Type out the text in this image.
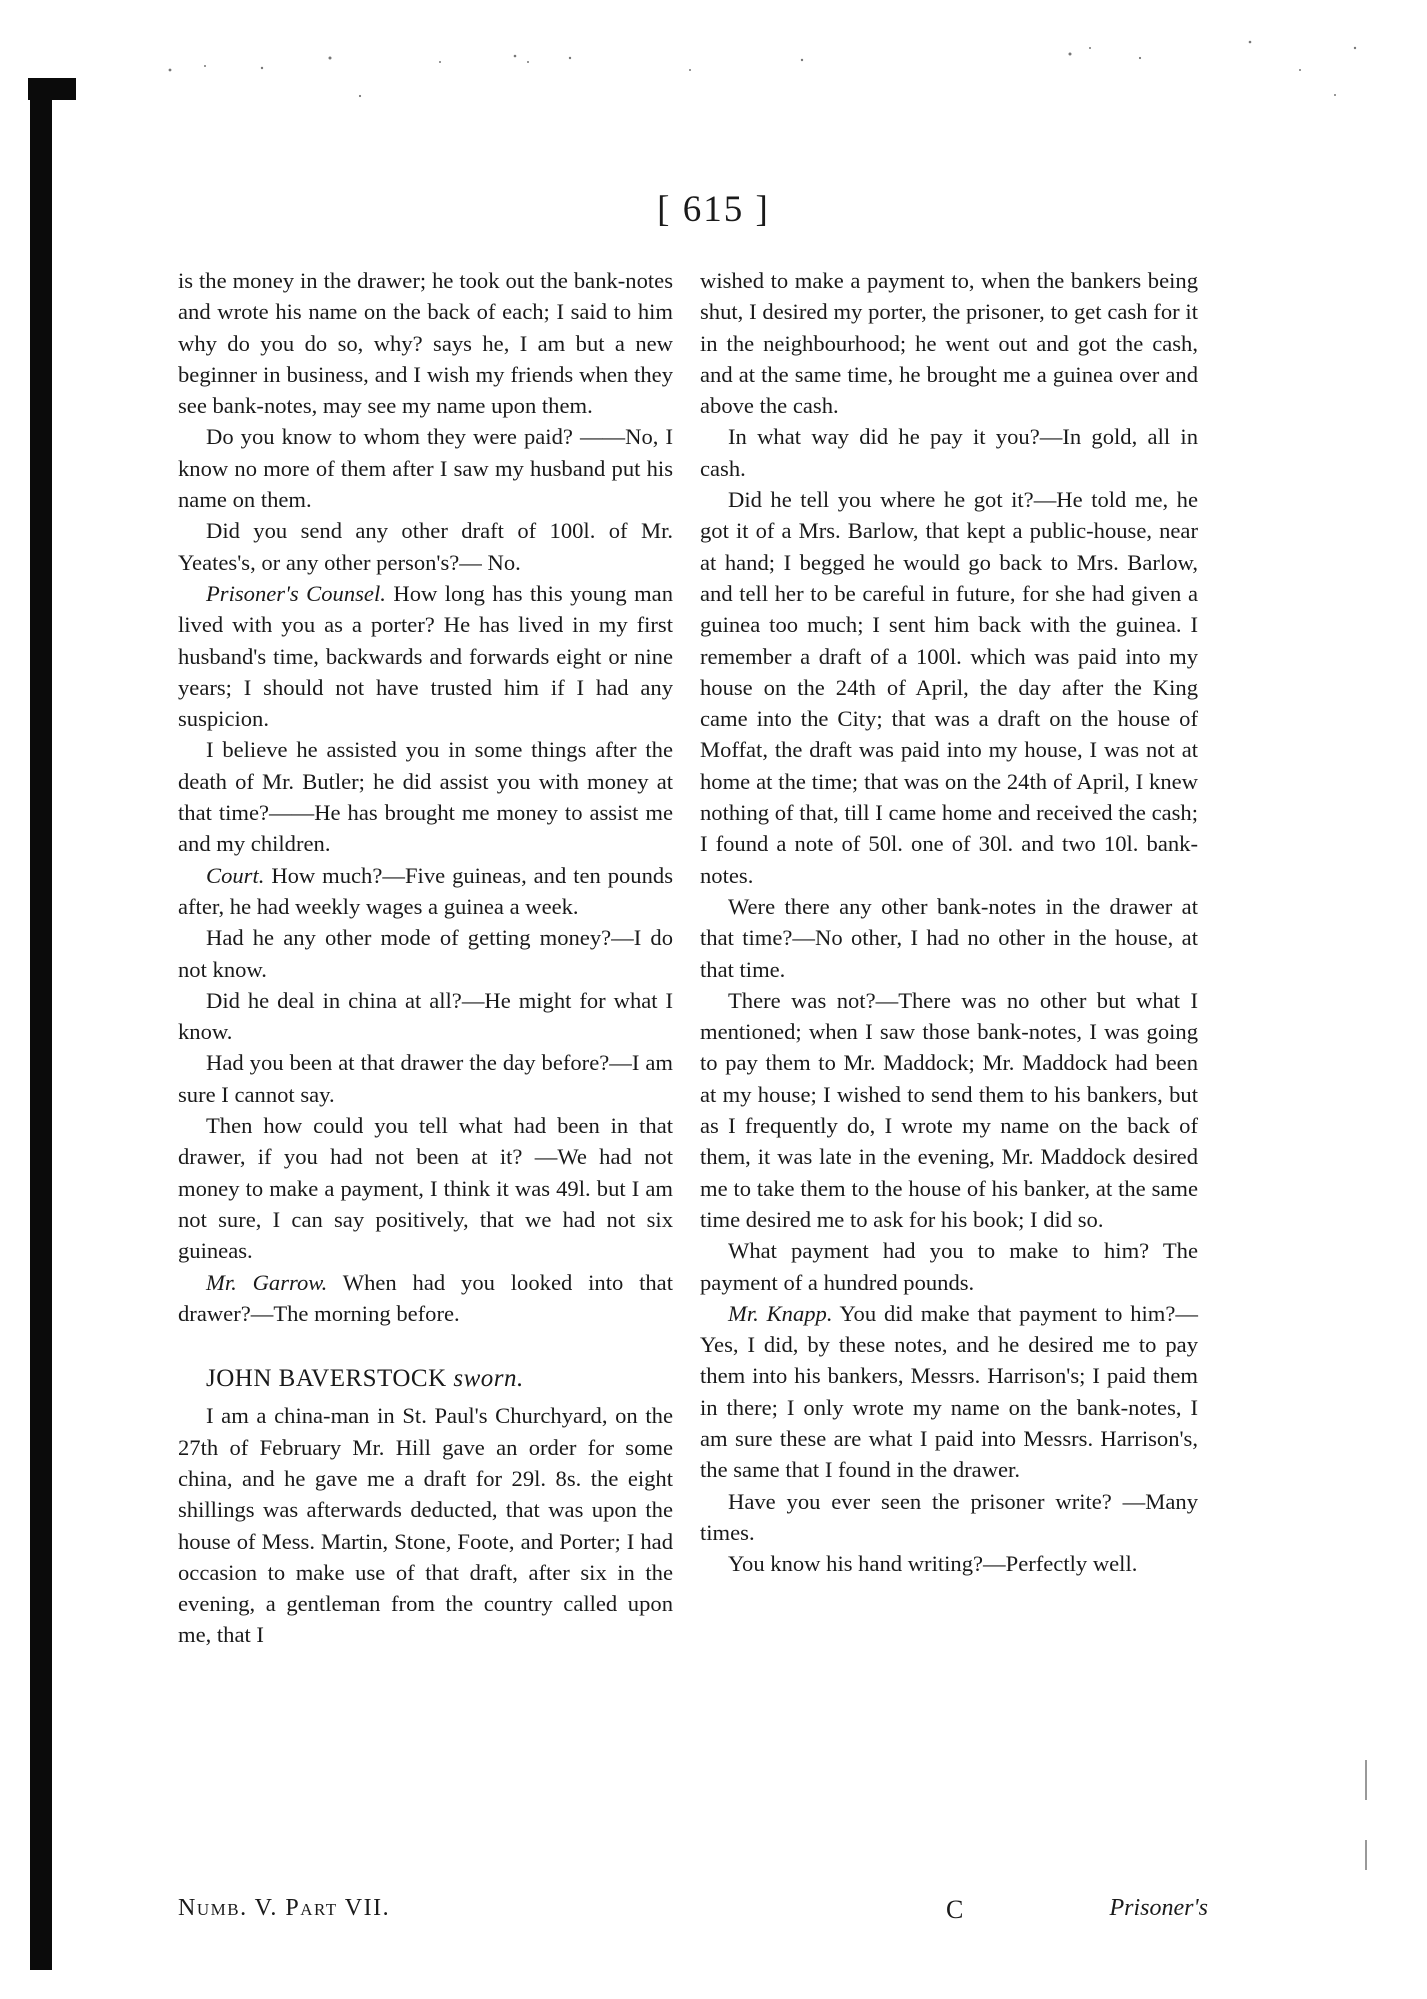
[ 615 ]

is the money in the drawer; he took out the bank-notes and wrote his name on the back of each; I said to him why do you do so, why? says he, I am but a new beginner in business, and I wish my friends when they see bank-notes, may see my name upon them.

Do you know to whom they were paid? ——No, I know no more of them after I saw my husband put his name on them.

Did you send any other draft of 100l. of Mr. Yeates's, or any other person's?— No.

Prisoner's Counsel. How long has this young man lived with you as a porter? He has lived in my first husband's time, backwards and forwards eight or nine years; I should not have trusted him if I had any suspicion.

I believe he assisted you in some things after the death of Mr. Butler; he did assist you with money at that time?——He has brought me money to assist me and my children.

Court. How much?—Five guineas, and ten pounds after, he had weekly wages a guinea a week.

Had he any other mode of getting money?—I do not know.

Did he deal in china at all?—He might for what I know.

Had you been at that drawer the day before?—I am sure I cannot say.

Then how could you tell what had been in that drawer, if you had not been at it? —We had not money to make a payment, I think it was 49l. but I am not sure, I can say positively, that we had not six guineas.

Mr. Garrow. When had you looked into that drawer?—The morning before.

JOHN BAVERSTOCK sworn.

I am a china-man in St. Paul's Churchyard, on the 27th of February Mr. Hill gave an order for some china, and he gave me a draft for 29l. 8s. the eight shillings was afterwards deducted, that was upon the house of Mess. Martin, Stone, Foote, and Porter; I had occasion to make use of that draft, after six in the evening, a gentleman from the country called upon me, that I

wished to make a payment to, when the bankers being shut, I desired my porter, the prisoner, to get cash for it in the neighbourhood; he went out and got the cash, and at the same time, he brought me a guinea over and above the cash.

In what way did he pay it you?—In gold, all in cash.

Did he tell you where he got it?—He told me, he got it of a Mrs. Barlow, that kept a public-house, near at hand; I begged he would go back to Mrs. Barlow, and tell her to be careful in future, for she had given a guinea too much; I sent him back with the guinea. I remember a draft of a 100l. which was paid into my house on the 24th of April, the day after the King came into the City; that was a draft on the house of Moffat, the draft was paid into my house, I was not at home at the time; that was on the 24th of April, I knew nothing of that, till I came home and received the cash; I found a note of 50l. one of 30l. and two 10l. bank-notes.

Were there any other bank-notes in the drawer at that time?—No other, I had no other in the house, at that time.

There was not?—There was no other but what I mentioned; when I saw those bank-notes, I was going to pay them to Mr. Maddock; Mr. Maddock had been at my house; I wished to send them to his bankers, but as I frequently do, I wrote my name on the back of them, it was late in the evening, Mr. Maddock desired me to take them to the house of his banker, at the same time desired me to ask for his book; I did so.

What payment had you to make to him? The payment of a hundred pounds.

Mr. Knapp. You did make that payment to him?—Yes, I did, by these notes, and he desired me to pay them into his bankers, Messrs. Harrison's; I paid them in there; I only wrote my name on the bank-notes, I am sure these are what I paid into Messrs. Harrison's, the same that I found in the drawer.

Have you ever seen the prisoner write? —Many times.

You know his hand writing?—Perfectly well.

Numb. V. Part VII.	C	Prisoner's
